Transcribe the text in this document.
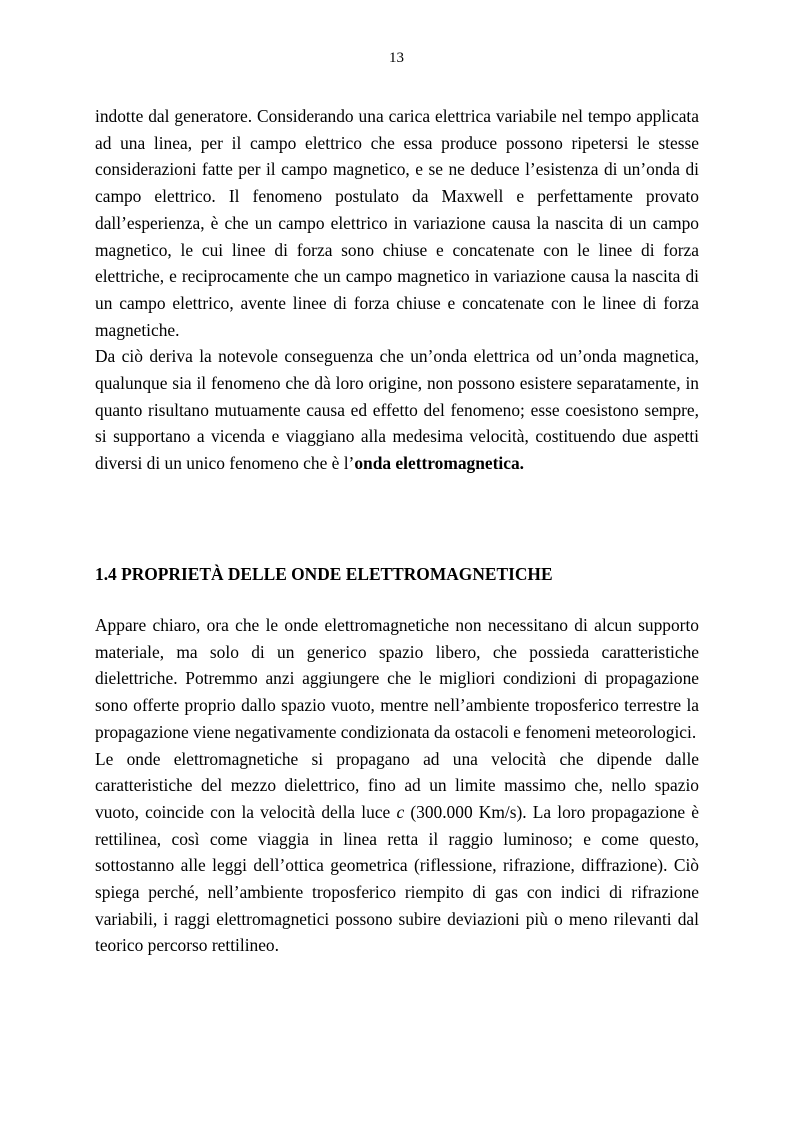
13

indotte dal generatore. Considerando una carica elettrica variabile nel tempo applicata ad una linea, per il campo elettrico che essa produce possono ripetersi le stesse considerazioni fatte per il campo magnetico, e se ne deduce l’esistenza di un’onda di campo elettrico. Il fenomeno postulato da Maxwell e perfettamente provato dall’esperienza, è che un campo elettrico in variazione causa la nascita di un campo magnetico, le cui linee di forza sono chiuse e concatenate con le linee di forza elettriche, e reciprocamente che un campo magnetico in variazione causa la nascita di un campo elettrico, avente linee di forza chiuse e concatenate con le linee di forza magnetiche.

Da ciò deriva la notevole conseguenza che un’onda elettrica od un’onda magnetica, qualunque sia il fenomeno che dà loro origine, non possono esistere separatamente, in quanto risultano mutuamente causa ed effetto del fenomeno; esse coesistono sempre, si supportano a vicenda e viaggiano alla medesima velocità, costituendo due aspetti diversi di un unico fenomeno che è l’onda elettromagnetica.

1.4 PROPRIETÀ DELLE ONDE ELETTROMAGNETICHE

Appare chiaro, ora che le onde elettromagnetiche non necessitano di alcun supporto materiale, ma solo di un generico spazio libero, che possieda caratteristiche dielettriche. Potremmo anzi aggiungere che le migliori condizioni di propagazione sono offerte proprio dallo spazio vuoto, mentre nell’ambiente troposferico terrestre la propagazione viene negativamente condizionata da ostacoli e fenomeni meteorologici.

Le onde elettromagnetiche si propagano ad una velocità che dipende dalle caratteristiche del mezzo dielettrico, fino ad un limite massimo che, nello spazio vuoto, coincide con la velocità della luce c (300.000 Km/s). La loro propagazione è rettilinea, così come viaggia in linea retta il raggio luminoso; e come questo, sottostanno alle leggi dell’ottica geometrica (riflessione, rifrazione, diffrazione). Ciò spiega perché, nell’ambiente troposferico riempito di gas con indici di rifrazione variabili, i raggi elettromagnetici possono subire deviazioni più o meno rilevanti dal teorico percorso rettilineo.
